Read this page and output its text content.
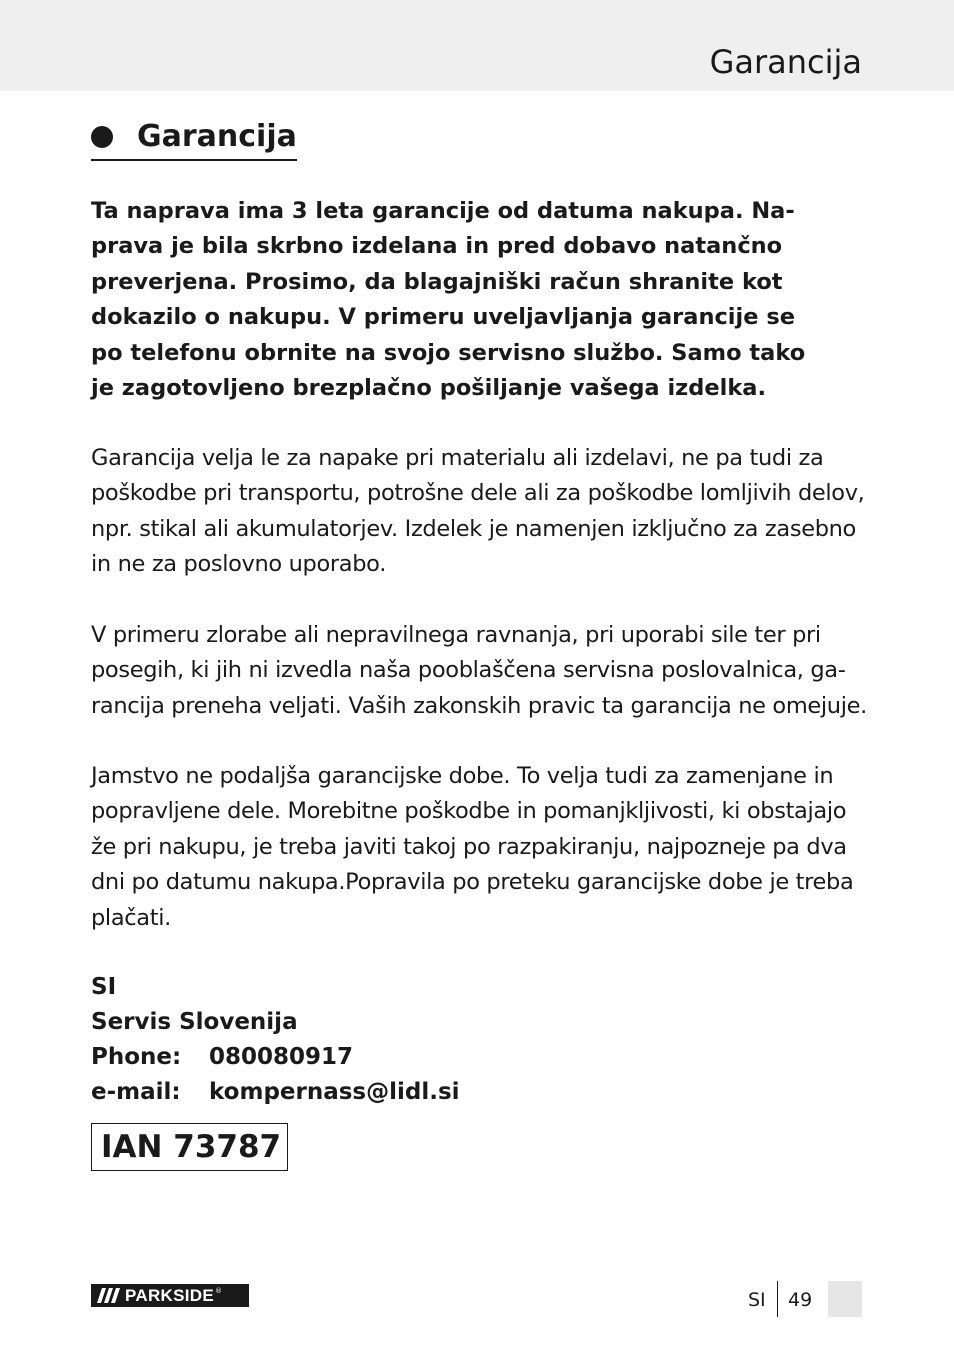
Garancija
Garancija
Ta naprava ima 3 leta garancije od datuma nakupa. Na-
prava je bila skrbno izdelana in pred dobavo natančno
preverjena. Prosimo, da blagajniški račun shranite kot
dokazilo o nakupu. V primeru uveljavljanja garancije se
po telefonu obrnite na svojo servisno službo. Samo tako
je zagotovljeno brezplačno pošiljanje vašega izdelka.
Garancija velja le za napake pri materialu ali izdelavi, ne pa tudi za
poškodbe pri transportu, potrošne dele ali za poškodbe lomljivih delov,
npr. stikal ali akumulatorjev. Izdelek je namenjen izključno za zasebno
in ne za poslovno uporabo.
V primeru zlorabe ali nepravilnega ravnanja, pri uporabi sile ter pri
posegih, ki jih ni izvedla naša pooblaščena servisna poslovalnica, ga-
rancija preneha veljati. Vaših zakonskih pravic ta garancija ne omejuje.
Jamstvo ne podaljša garancijske dobe. To velja tudi za zamenjane in
popravljene dele. Morebitne poškodbe in pomanjkljivosti, ki obstajajo
že pri nakupu, je treba javiti takoj po razpakiranju, najpozneje pa dva
dni po datumu nakupa.Popravila po preteku garancijske dobe je treba
plačati.
SI
Servis Slovenija
Phone:	080080917
e-mail:	kompernass@lidl.si
IAN 73787
PARKSIDE ®	SI 49
